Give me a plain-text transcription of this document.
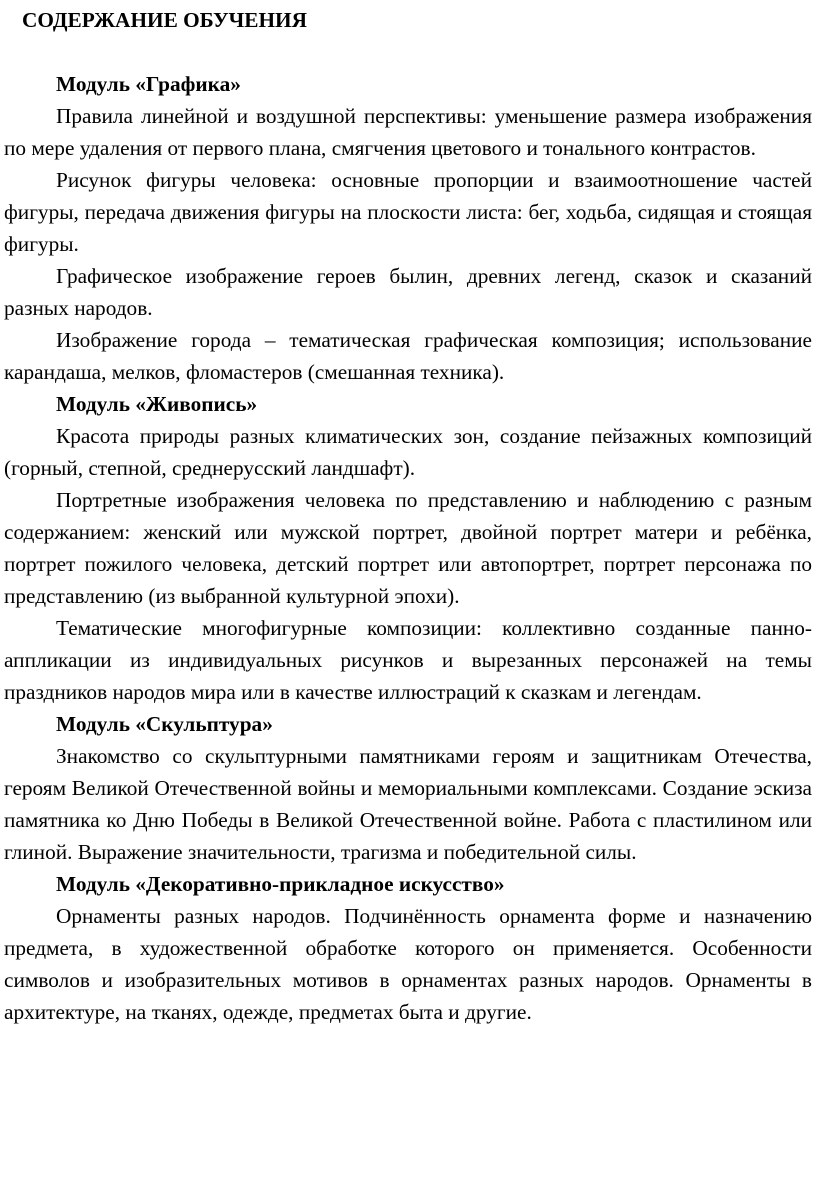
СОДЕРЖАНИЕ ОБУЧЕНИЯ

Модуль «Графика»

Правила линейной и воздушной перспективы: уменьшение размера изображения по мере удаления от первого плана, смягчения цветового и тонального контрастов.

Рисунок фигуры человека: основные пропорции и взаимоотношение частей фигуры, передача движения фигуры на плоскости листа: бег, ходьба, сидящая и стоящая фигуры.

Графическое изображение героев былин, древних легенд, сказок и сказаний разных народов.

Изображение города – тематическая графическая композиция; использование карандаша, мелков, фломастеров (смешанная техника).

Модуль «Живопись»

Красота природы разных климатических зон, создание пейзажных композиций (горный, степной, среднерусский ландшафт).

Портретные изображения человека по представлению и наблюдению с разным содержанием: женский или мужской портрет, двойной портрет матери и ребёнка, портрет пожилого человека, детский портрет или автопортрет, портрет персонажа по представлению (из выбранной культурной эпохи).

Тематические многофигурные композиции: коллективно созданные панно-аппликации из индивидуальных рисунков и вырезанных персонажей на темы праздников народов мира или в качестве иллюстраций к сказкам и легендам.

Модуль «Скульптура»

Знакомство со скульптурными памятниками героям и защитникам Отечества, героям Великой Отечественной войны и мемориальными комплексами. Создание эскиза памятника ко Дню Победы в Великой Отечественной войне. Работа с пластилином или глиной. Выражение значительности, трагизма и победительной силы.

Модуль «Декоративно-прикладное искусство»

Орнаменты разных народов. Подчинённость орнамента форме и назначению предмета, в художественной обработке которого он применяется. Особенности символов и изобразительных мотивов в орнаментах разных народов. Орнаменты в архитектуре, на тканях, одежде, предметах быта и другие.
